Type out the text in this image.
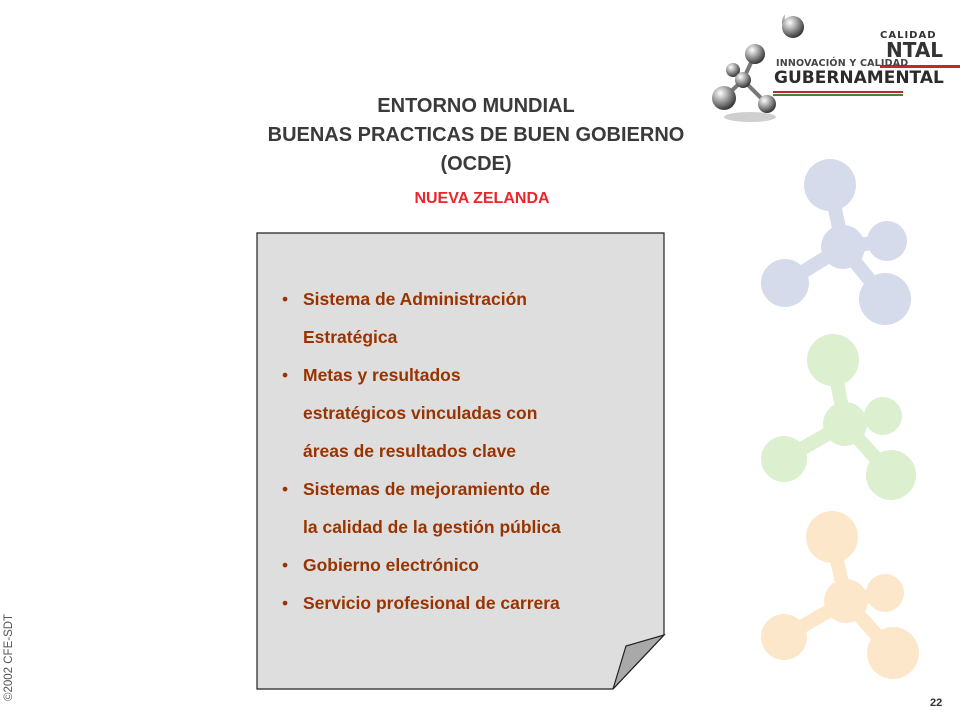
CALIDAD
NTAL
INNOVACIÓN Y CALIDAD
GUBERNAMENTAL
ENTORNO MUNDIAL
BUENAS PRACTICAS DE BUEN GOBIERNO
(OCDE)
NUEVA ZELANDA
• Sistema de Administración
Estratégica
• Metas y resultados
estratégicos vinculadas con
áreas de resultados clave
• Sistemas de mejoramiento de
la calidad de la gestión pública
• Gobierno electrónico
• Servicio profesional de carrera
©2002 CFE-SDT
22
